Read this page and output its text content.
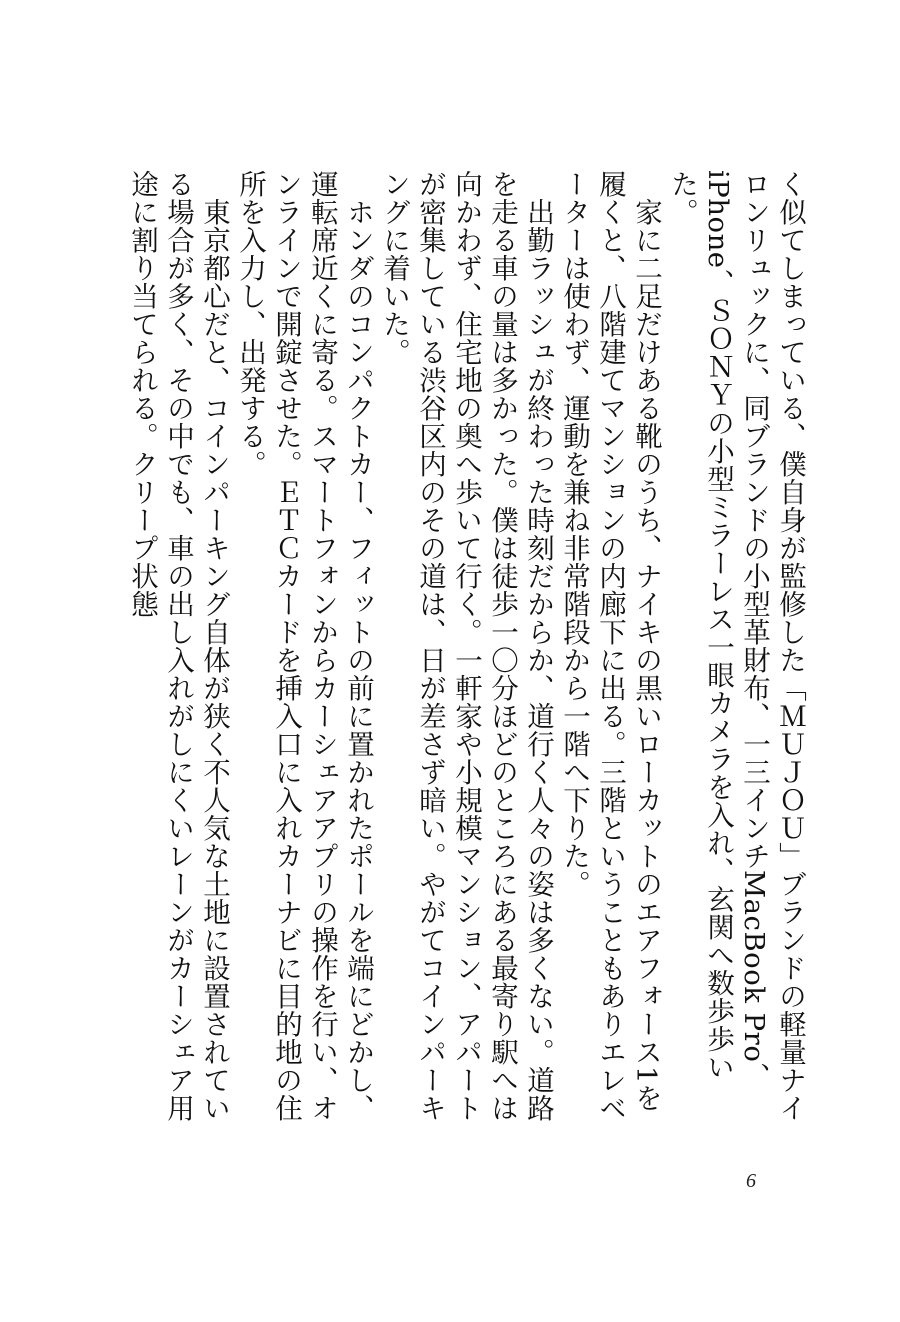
く似てしまっている、僕自身が監修した「ＭＵＪＯＵ」ブランドの軽量ナイロンリュックに、同ブランドの小型革財布、一三インチMacBook Pro、iPhone、ＳＯＮＹの小型ミラーレス一眼カメラを入れ、玄関へ数歩歩いた。

家に二足だけある靴のうち、ナイキの黒いローカットのエアフォース1を履くと、八階建てマンションの内廊下に出る。三階ということもありエレベーターは使わず、運動を兼ね非常階段から一階へ下りた。

出勤ラッシュが終わった時刻だからか、道行く人々の姿は多くない。道路を走る車の量は多かった。僕は徒歩一〇分ほどのところにある最寄り駅へは向かわず、住宅地の奥へ歩いて行く。一軒家や小規模マンション、アパートが密集している渋谷区内のその道は、日が差さず暗い。やがてコインパーキングに着いた。

ホンダのコンパクトカー、フィットの前に置かれたポールを端にどかし、運転席近くに寄る。スマートフォンからカーシェアアプリの操作を行い、オンラインで開錠させた。ＥＴＣカードを挿入口に入れカーナビに目的地の住所を入力し、出発する。

東京都心だと、コインパーキング自体が狭く不人気な土地に設置されている場合が多く、その中でも、車の出し入れがしにくいレーンがカーシェア用途に割り当てられる。クリープ状態

6
